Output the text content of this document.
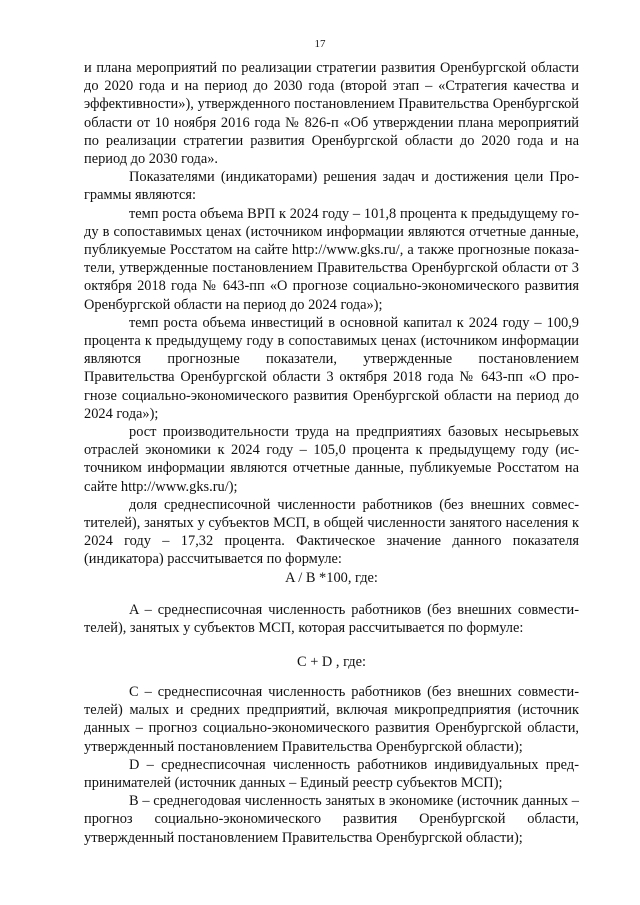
17

и плана мероприятий по реализации стратегии развития Оренбургской области до 2020 года и на период до 2030 года (второй этап – «Стратегия качества и эффективности»), утвержденного постановлением Правительства Оренбургской области от 10 ноября 2016 года № 826-п «Об утверждении плана мероприятий по реализации стратегии развития Оренбургской области до 2020 года и на период до 2030 года».

Показателями (индикаторами) решения задач и достижения цели Программы являются:

темп роста объема ВРП к 2024 году – 101,8 процента к предыдущему году в сопоставимых ценах (источником информации являются отчетные данные, публикуемые Росстатом на сайте http://www.gks.ru/, а также прогнозные показатели, утвержденные постановлением Правительства Оренбургской области от 3 октября 2018 года № 643-пп «О прогнозе социально-экономического развития Оренбургской области на период до 2024 года»);

темп роста объема инвестиций в основной капитал к 2024 году – 100,9 процента к предыдущему году в сопоставимых ценах (источником информации являются прогнозные показатели, утвержденные постановлением Правительства Оренбургской области 3 октября 2018 года № 643-пп «О прогнозе социально-экономического развития Оренбургской области на период до 2024 года»);

рост производительности труда на предприятиях базовых несырьевых отраслей экономики к 2024 году – 105,0 процента к предыдущему году (источником информации являются отчетные данные, публикуемые Росстатом на сайте http://www.gks.ru/);

доля среднесписочной численности работников (без внешних совместителей), занятых у субъектов МСП, в общей численности занятого населения к 2024 году – 17,32 процента. Фактическое значение данного показателя (индикатора) рассчитывается по формуле:

A / B *100, где:

A – среднесписочная численность работников (без внешних совместителей), занятых у субъектов МСП, которая рассчитывается по формуле:

C + D , где:

C – среднесписочная численность работников (без внешних совместителей) малых и средних предприятий, включая микропредприятия (источник данных – прогноз социально-экономического развития Оренбургской области, утвержденный постановлением Правительства Оренбургской области);

D – среднесписочная численность работников индивидуальных предпринимателей (источник данных – Единый реестр субъектов МСП);

B – среднегодовая численность занятых в экономике (источник данных – прогноз социально-экономического развития Оренбургской области, утвержденный постановлением Правительства Оренбургской области);
